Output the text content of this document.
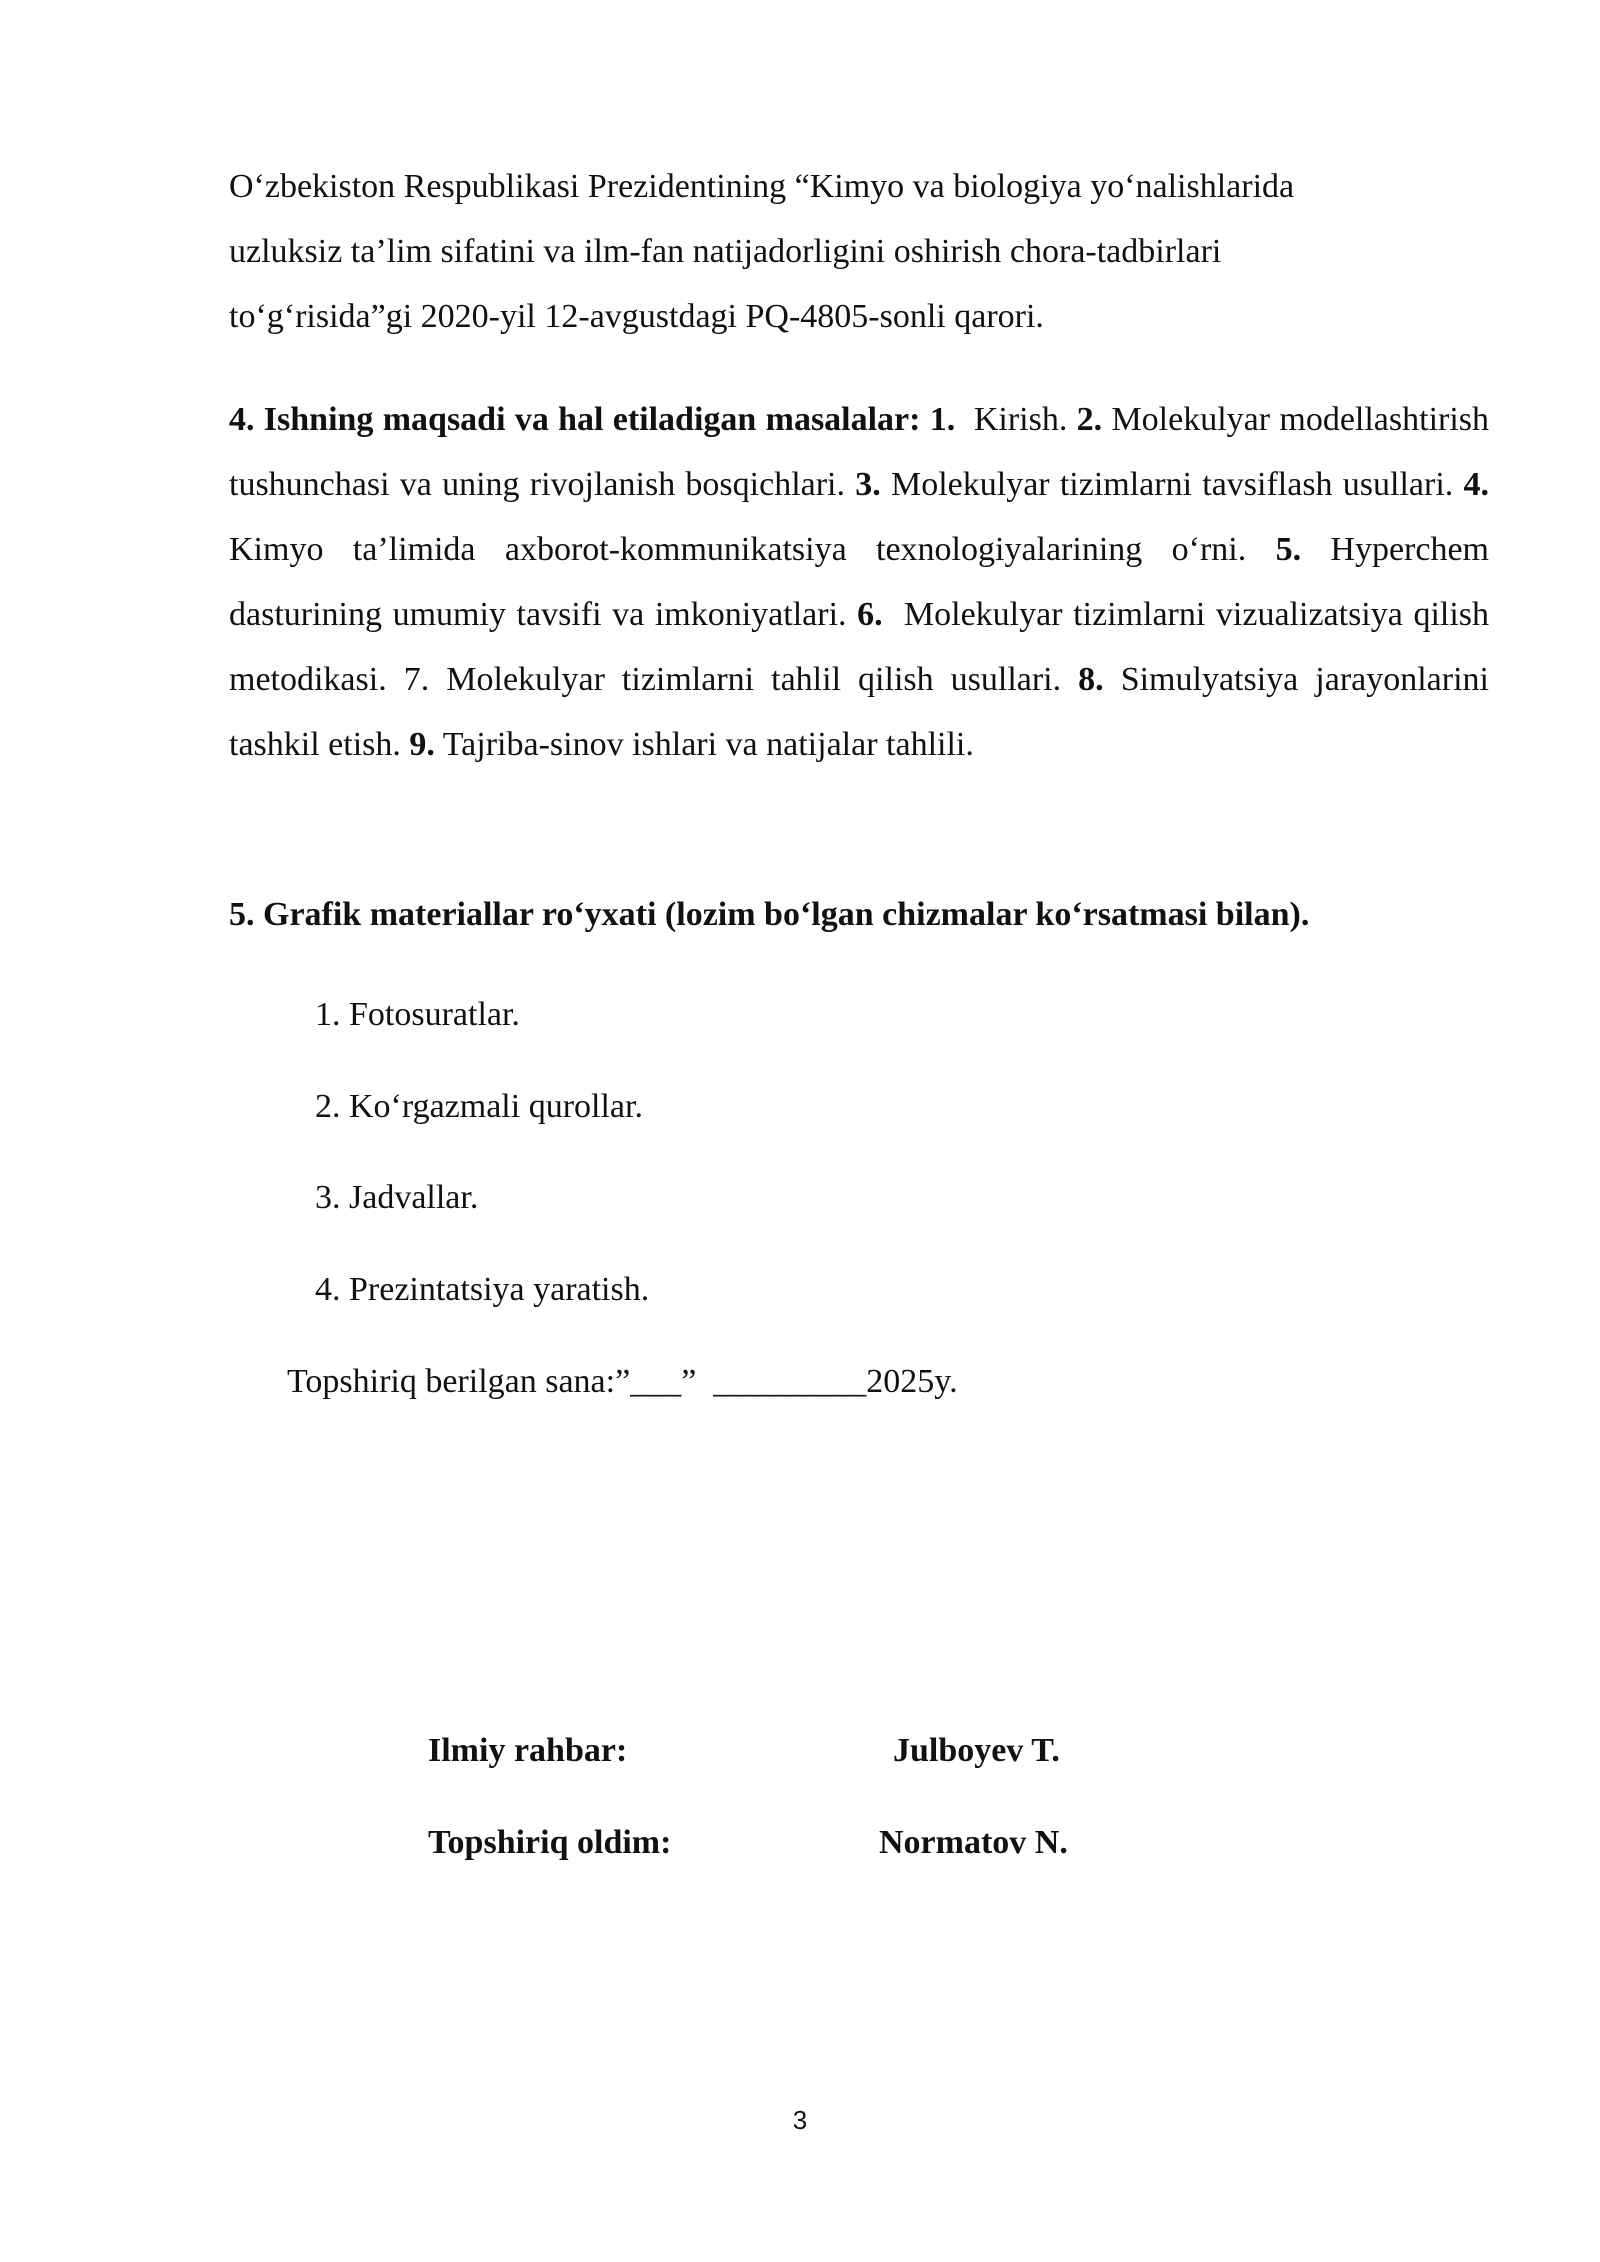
O‘zbekiston Respublikasi Prezidentining “Kimyo va biologiya yo‘nalishlarida
uzluksiz ta’lim sifatini va ilm-fan natijadorligini oshirish chora-tadbirlari
to‘g‘risida”gi 2020-yil 12-avgustdagi PQ-4805-sonli qarori.

4. Ishning maqsadi va hal etiladigan masalalar: 1. Kirish. 2. Molekulyar modellashtirish tushunchasi va uning rivojlanish bosqichlari. 3. Molekulyar tizimlarni tavsiflash usullari. 4. Kimyo ta’limida axborot-kommunikatsiya texnologiyalarining o‘rni. 5. Hyperchem dasturining umumiy tavsifi va imkoniyatlari. 6. Molekulyar tizimlarni vizualizatsiya qilish metodikasi. 7. Molekulyar tizimlarni tahlil qilish usullari. 8. Simulyatsiya jarayonlarini tashkil etish. 9. Tajriba-sinov ishlari va natijalar tahlili.

5. Grafik materiallar ro‘yxati (lozim bo‘lgan chizmalar ko‘rsatmasi bilan).

1. Fotosuratlar.

2. Ko‘rgazmali qurollar.

3. Jadvallar.

4. Prezintatsiya yaratish.

Topshiriq berilgan sana:”___”  _________2025y.

Ilmiy rahbar:	Julboyev T.

Topshiriq oldim:	Normatov N.

3
